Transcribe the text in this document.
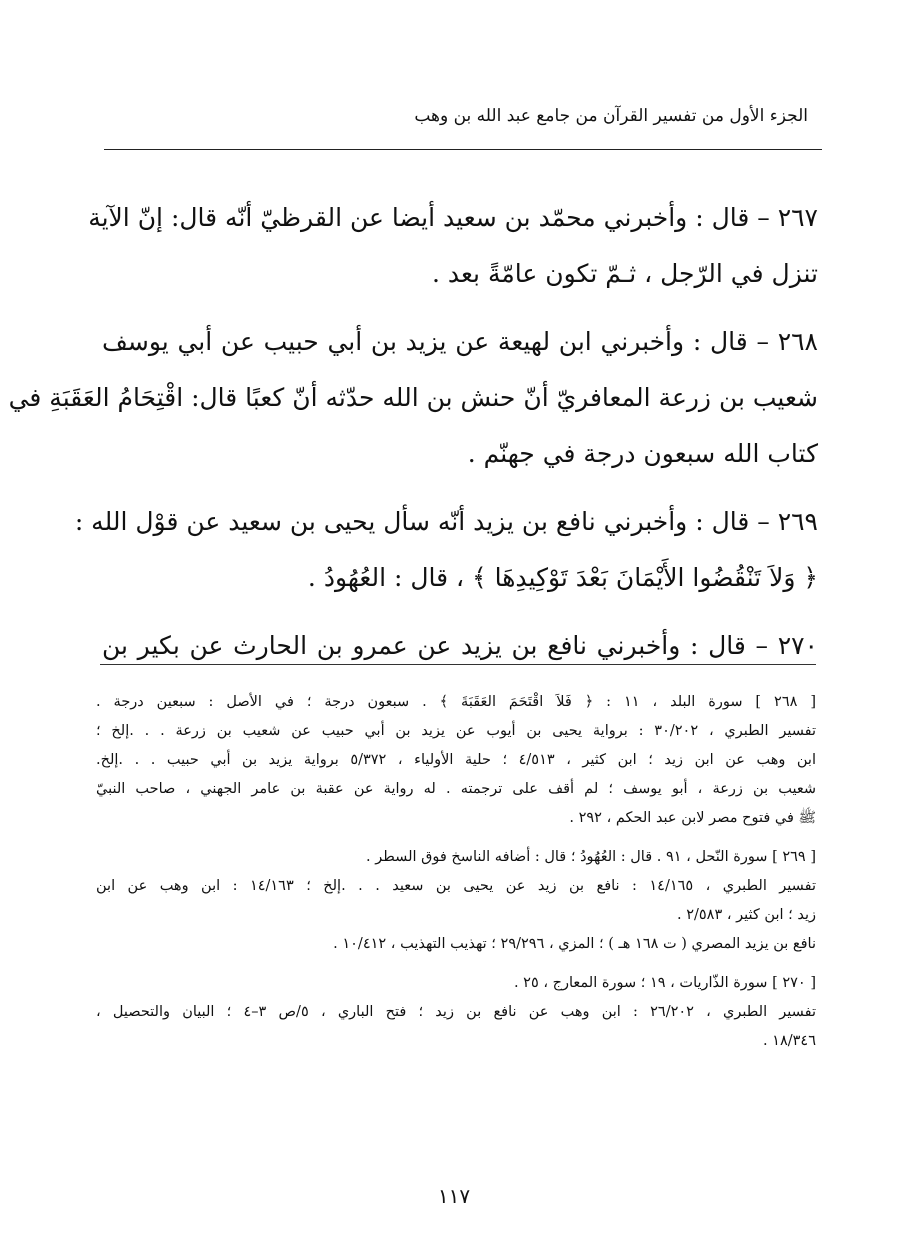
الجزء الأول من تفسير القرآن من جامع عبد الله بن وهب
٢٦٧ – قال : وأخبرني محمّد بن سعيد أيضا عن القرظيّ أنّه قال: إنّ الآية
تنزل في الرّجل ، ثـمّ تكون عامّةً بعد .
٢٦٨ – قال : وأخبرني ابن لهيعة عن يزيد بن أبي حبيب عن أبي يوسف
شعيب بن زرعة المعافريّ أنّ حنش بن الله حدّثه أنّ كعبًا قال: اقْتِحَامُ العَقَبَةِ في
كتاب الله سبعون درجة في جهنّم .
٢٦٩ – قال : وأخبرني نافع بن يزيد أنّه سأل يحيى بن سعيد عن قوْل الله :
﴿ وَلاَ تَنْقُضُوا الأَيْمَانَ بَعْدَ تَوْكِيدِهَا ﴾ ، قال : العُهُودُ .
٢٧٠ – قال : وأخبرني نافع بن يزيد عن عمرو بن الحارث عن بكير بن
[ ٢٦٨ ] سورة البلد ، ١١ : ﴿ فَلاَ اقْتَحَمَ العَقَبَةَ ﴾ . سبعون درجة ؛ في الأصل : سبعين درجة .
تفسير الطبري ، ٣٠/٢٠٢ : برواية يحيى بن أيوب عن يزيد بن أبي حبيب عن شعيب بن زرعة . . .إلخ ؛
ابن وهب عن ابن زيد ؛ ابن كثير ، ٤/٥١٣ ؛ حلية الأولياء ، ٥/٣٧٢ برواية يزيد بن أبي حبيب . . .إلخ.
شعيب بن زرعة ، أبو يوسف ؛ لم أقف على ترجمته . له رواية عن عقبة بن عامر الجهني ، صاحب النبيّ
ﷺ في فتوح مصر لابن عبد الحكم ، ٢٩٢ .
[ ٢٦٩ ] سورة النّحل ، ٩١ . قال : العُهُودُ ؛ قال : أضافه الناسخ فوق السطر .
تفسير الطبري ، ١٤/١٦٥ : نافع بن زيد عن يحيى بن سعيد . . .إلخ ؛ ١٤/١٦٣ : ابن وهب عن ابن
زيد ؛ ابن كثير ، ٢/٥٨٣ .
نافع بن يزيد المصري ( ت ١٦٨ هـ ) ؛ المزي ، ٢٩/٢٩٦ ؛ تهذيب التهذيب ، ١٠/٤١٢ .
[ ٢٧٠ ] سورة الذّاريات ، ١٩ ؛ سورة المعارج ، ٢٥ .
تفسير الطبري ، ٢٦/٢٠٢ : ابن وهب عن نافع بن زيد ؛ فتح الباري ، ٥/ص ٣–٤ ؛ البيان والتحصيل ،
١٨/٣٤٦ .
١١٧
